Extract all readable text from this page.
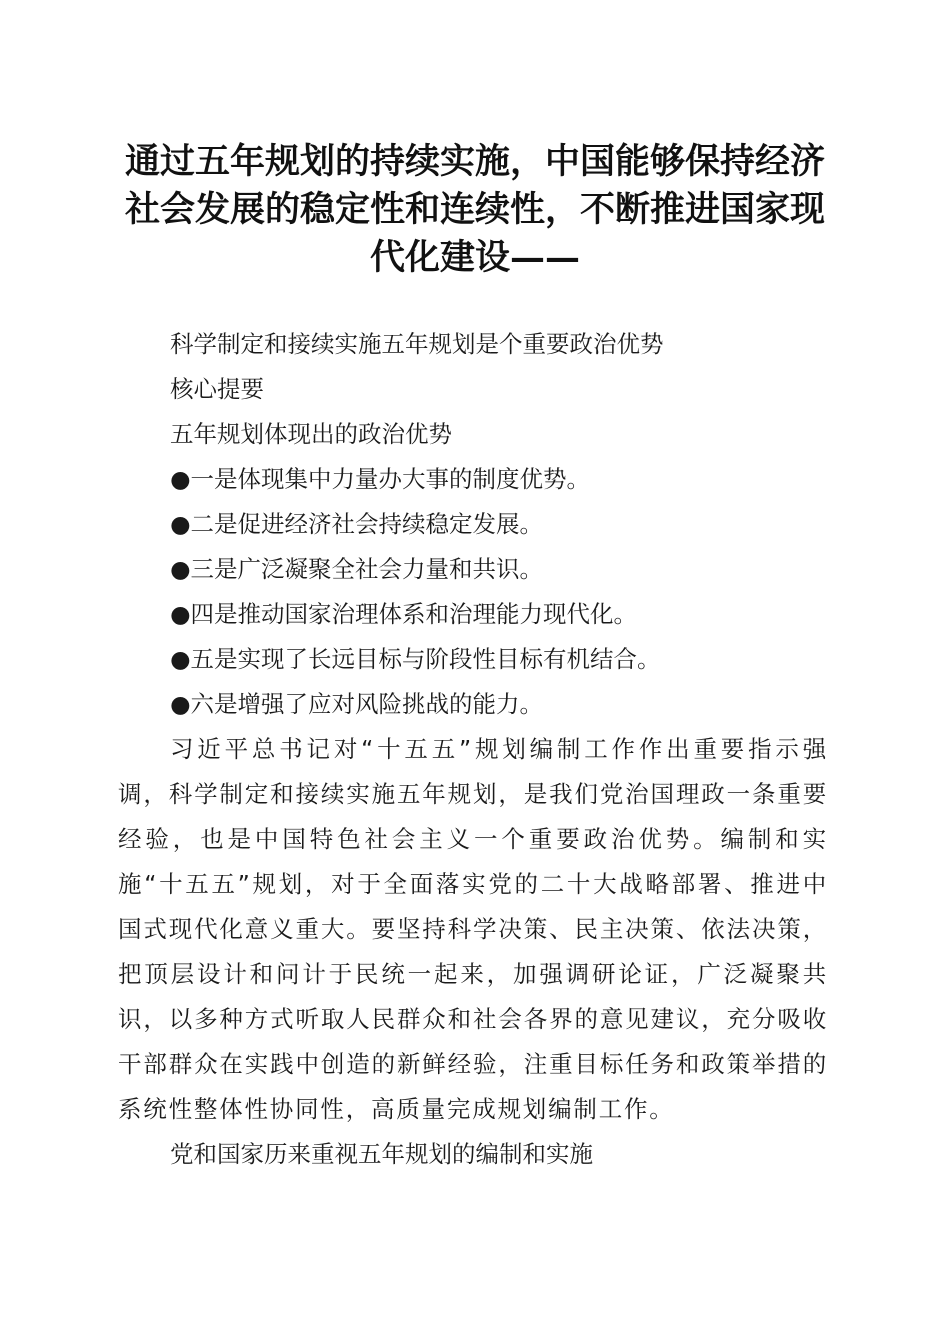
通过五年规划的持续实施，中国能够保持经济社会发展的稳定性和连续性，不断推进国家现代化建设——

科学制定和接续实施五年规划是个重要政治优势

核心提要

五年规划体现出的政治优势

●一是体现集中力量办大事的制度优势。

●二是促进经济社会持续稳定发展。

●三是广泛凝聚全社会力量和共识。

●四是推动国家治理体系和治理能力现代化。

●五是实现了长远目标与阶段性目标有机结合。

●六是增强了应对风险挑战的能力。

习近平总书记对“十五五”规划编制工作作出重要指示强调，科学制定和接续实施五年规划，是我们党治国理政一条重要经验，也是中国特色社会主义一个重要政治优势。编制和实施“十五五”规划，对于全面落实党的二十大战略部署、推进中国式现代化意义重大。要坚持科学决策、民主决策、依法决策，把顶层设计和问计于民统一起来，加强调研论证，广泛凝聚共识，以多种方式听取人民群众和社会各界的意见建议，充分吸收干部群众在实践中创造的新鲜经验，注重目标任务和政策举措的系统性整体性协同性，高质量完成规划编制工作。

党和国家历来重视五年规划的编制和实施
